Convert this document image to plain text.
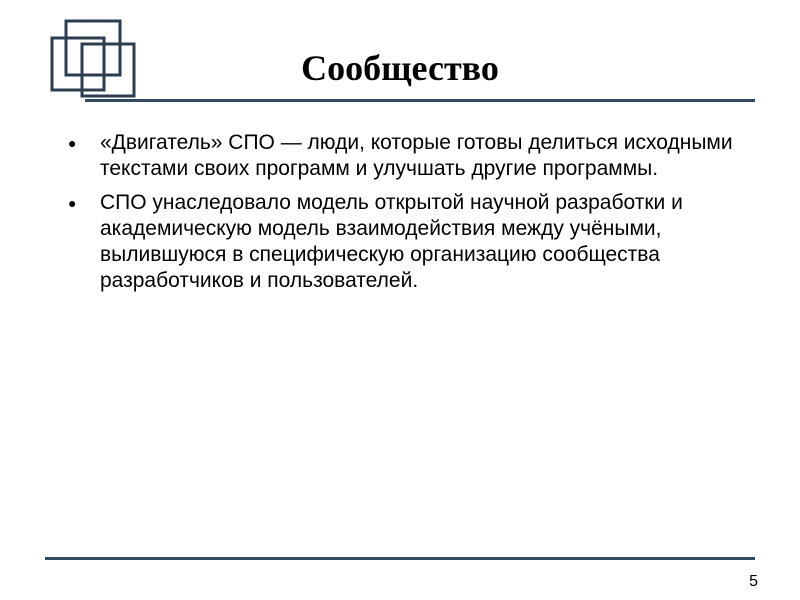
Сообщество
●	«Двигатель» СПО — люди, которые готовы делиться исходными текстами своих программ и улучшать другие программы.
●	СПО унаследовало модель открытой научной разработки и академическую модель взаимодействия между учёными, вылившуюся в специфическую организацию сообщества разработчиков и пользователей.
5
